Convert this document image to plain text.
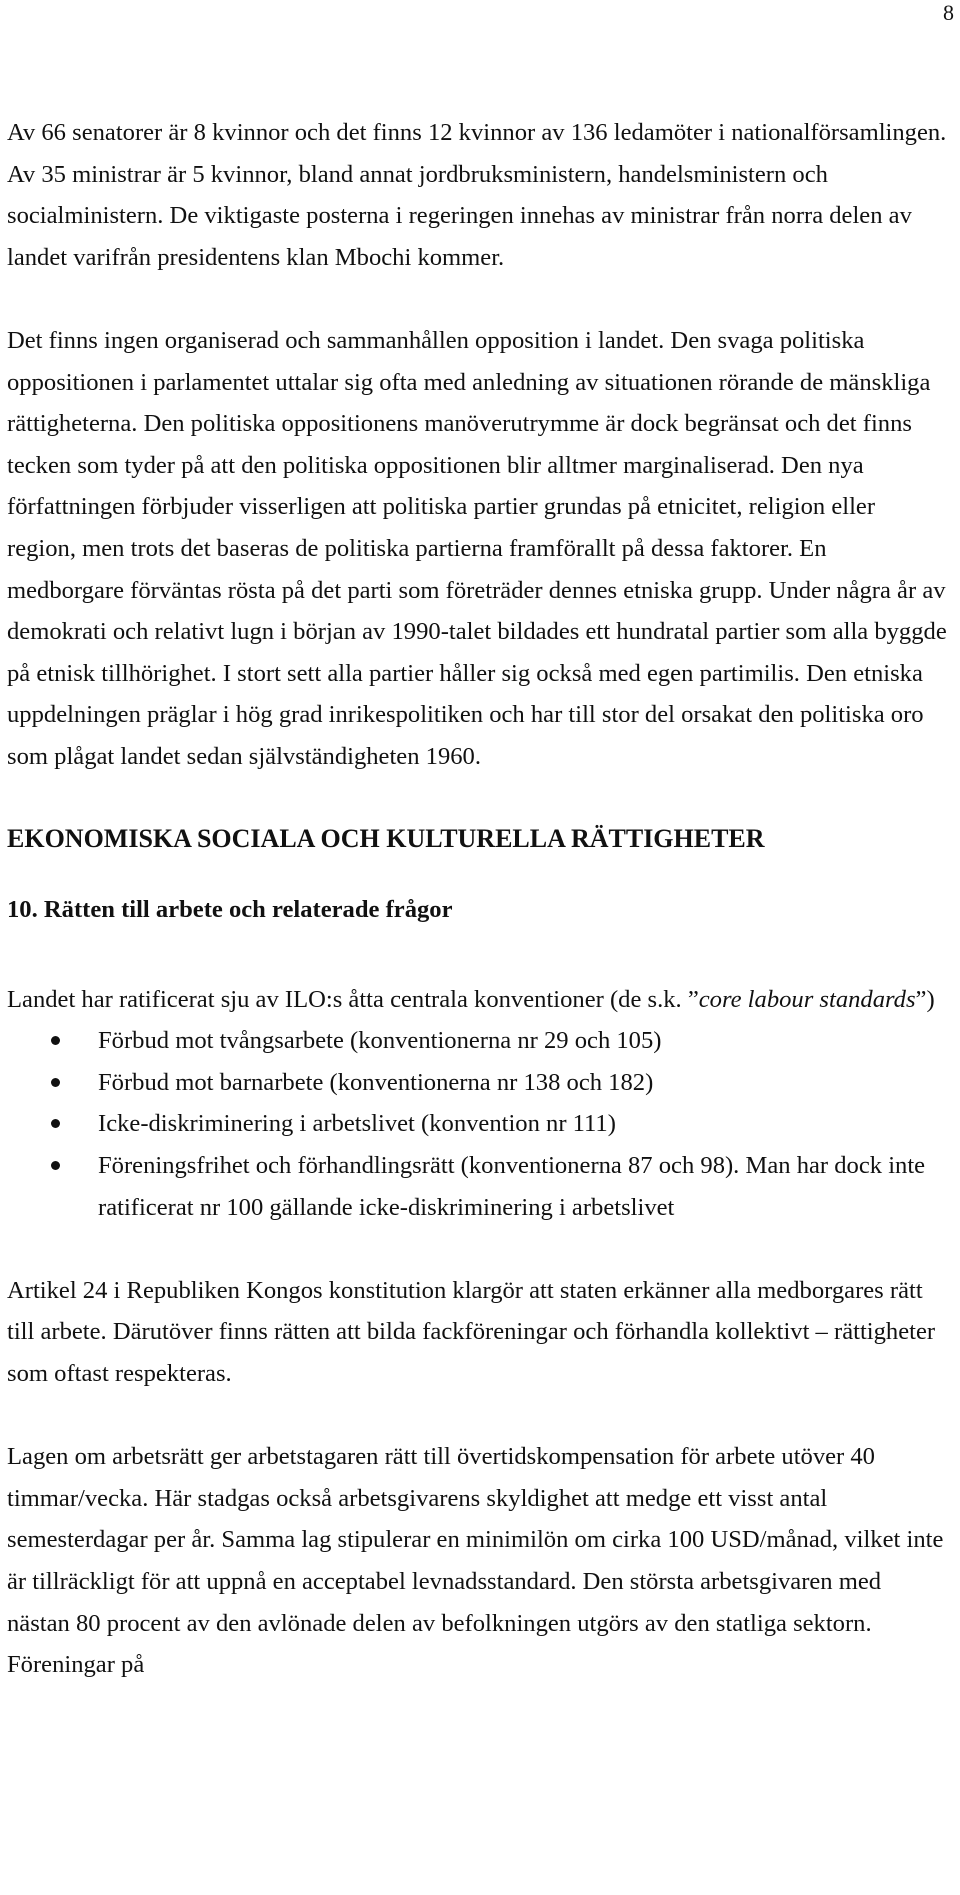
8

Av 66 senatorer är 8 kvinnor och det finns 12 kvinnor av 136 ledamöter i nationalförsamlingen. Av 35 ministrar är 5 kvinnor, bland annat jordbruksministern, handelsministern och socialministern. De viktigaste posterna i regeringen innehas av ministrar från norra delen av landet varifrån presidentens klan Mbochi kommer.

Det finns ingen organiserad och sammanhållen opposition i landet. Den svaga politiska oppositionen i parlamentet uttalar sig ofta med anledning av situationen rörande de mänskliga rättigheterna. Den politiska oppositionens manöverutrymme är dock begränsat och det finns tecken som tyder på att den politiska oppositionen blir alltmer marginaliserad. Den nya författningen förbjuder visserligen att politiska partier grundas på etnicitet, religion eller region, men trots det baseras de politiska partierna framförallt på dessa faktorer. En medborgare förväntas rösta på det parti som företräder dennes etniska grupp. Under några år av demokrati och relativt lugn i början av 1990-talet bildades ett hundratal partier som alla byggde på etnisk tillhörighet. I stort sett alla partier håller sig också med egen partimilis. Den etniska uppdelningen präglar i hög grad inrikespolitiken och har till stor del orsakat den politiska oro som plågat landet sedan självständigheten 1960.

EKONOMISKA SOCIALA OCH KULTURELLA RÄTTIGHETER
10. Rätten till arbete och relaterade frågor

Landet har ratificerat sju av ILO:s åtta centrala konventioner (de s.k. ”core labour standards”)

Förbud mot tvångsarbete (konventionerna nr 29 och 105)
Förbud mot barnarbete (konventionerna nr 138 och 182)
Icke-diskriminering i arbetslivet (konvention nr 111)
Föreningsfrihet och förhandlingsrätt (konventionerna 87 och 98). Man har dock inte ratificerat nr 100 gällande icke-diskriminering i arbetslivet

Artikel 24 i Republiken Kongos konstitution klargör att staten erkänner alla medborgares rätt till arbete. Därutöver finns rätten att bilda fackföreningar och förhandla kollektivt – rättigheter som oftast respekteras.

Lagen om arbetsrätt ger arbetstagaren rätt till övertidskompensation för arbete utöver 40 timmar/vecka. Här stadgas också arbetsgivarens skyldighet att medge ett visst antal semesterdagar per år. Samma lag stipulerar en minimilön om cirka 100 USD/månad, vilket inte är tillräckligt för att uppnå en acceptabel levnadsstandard. Den största arbetsgivaren med nästan 80 procent av den avlönade delen av befolkningen utgörs av den statliga sektorn. Föreningar på
